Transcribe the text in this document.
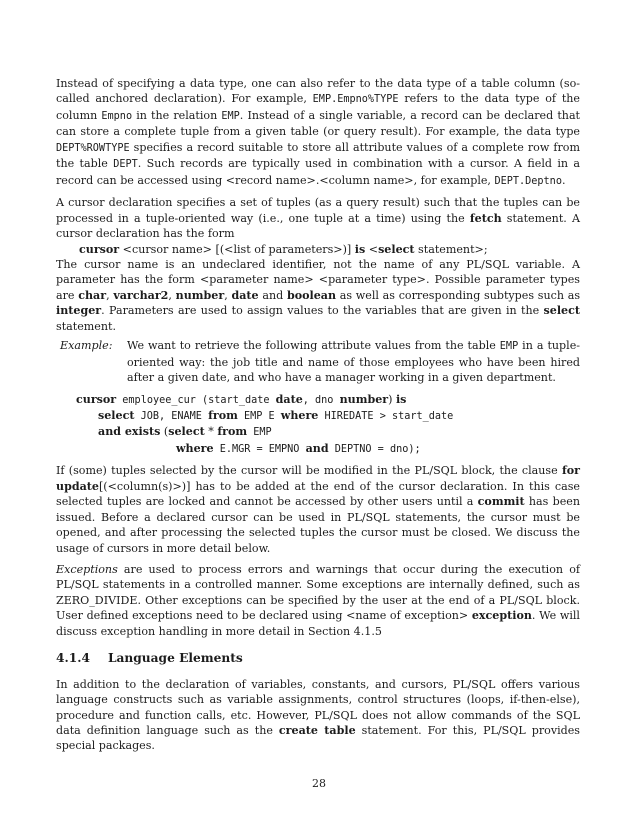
Instead of specifying a data type, one can also refer to the data type of a table column (so-called anchored declaration). For example, EMP.Empno%TYPE refers to the data type of the column Empno in the relation EMP. Instead of a single variable, a record can be declared that can store a complete tuple from a given table (or query result). For example, the data type DEPT%ROWTYPE specifies a record suitable to store all attribute values of a complete row from the table DEPT. Such records are typically used in combination with a cursor. A field in a record can be accessed using <record name>.<column name>, for example, DEPT.Deptno.

A cursor declaration specifies a set of tuples (as a query result) such that the tuples can be processed in a tuple-oriented way (i.e., one tuple at a time) using the fetch statement. A cursor declaration has the form

cursor <cursor name> [(<list of parameters>)] is <select statement>;

The cursor name is an undeclared identifier, not the name of any PL/SQL variable. A parameter has the form <parameter name> <parameter type>. Possible parameter types are char, varchar2, number, date and boolean as well as corresponding subtypes such as integer. Parameters are used to assign values to the variables that are given in the select statement.

Example:	We want to retrieve the following attribute values from the table EMP in a tuple-oriented way: the job title and name of those employees who have been hired after a given date, and who have a manager working in a given department.
cursor employee_cur (start_date date, dno number) is
select JOB, ENAME from EMP E where HIREDATE > start_date
and exists (select * from EMP
where E.MGR = EMPNO and DEPTNO = dno);

If (some) tuples selected by the cursor will be modified in the PL/SQL block, the clause for update[(<column(s)>)] has to be added at the end of the cursor declaration. In this case selected tuples are locked and cannot be accessed by other users until a commit has been issued. Before a declared cursor can be used in PL/SQL statements, the cursor must be opened, and after processing the selected tuples the cursor must be closed. We discuss the usage of cursors in more detail below.

Exceptions are used to process errors and warnings that occur during the execution of PL/SQL statements in a controlled manner. Some exceptions are internally defined, such as ZERO_DIVIDE. Other exceptions can be specified by the user at the end of a PL/SQL block. User defined exceptions need to be declared using <name of exception> exception. We will discuss exception handling in more detail in Section 4.1.5

4.1.4 Language Elements

In addition to the declaration of variables, constants, and cursors, PL/SQL offers various language constructs such as variable assignments, control structures (loops, if-then-else), procedure and function calls, etc. However, PL/SQL does not allow commands of the SQL data definition language such as the create table statement. For this, PL/SQL provides special packages.

28
